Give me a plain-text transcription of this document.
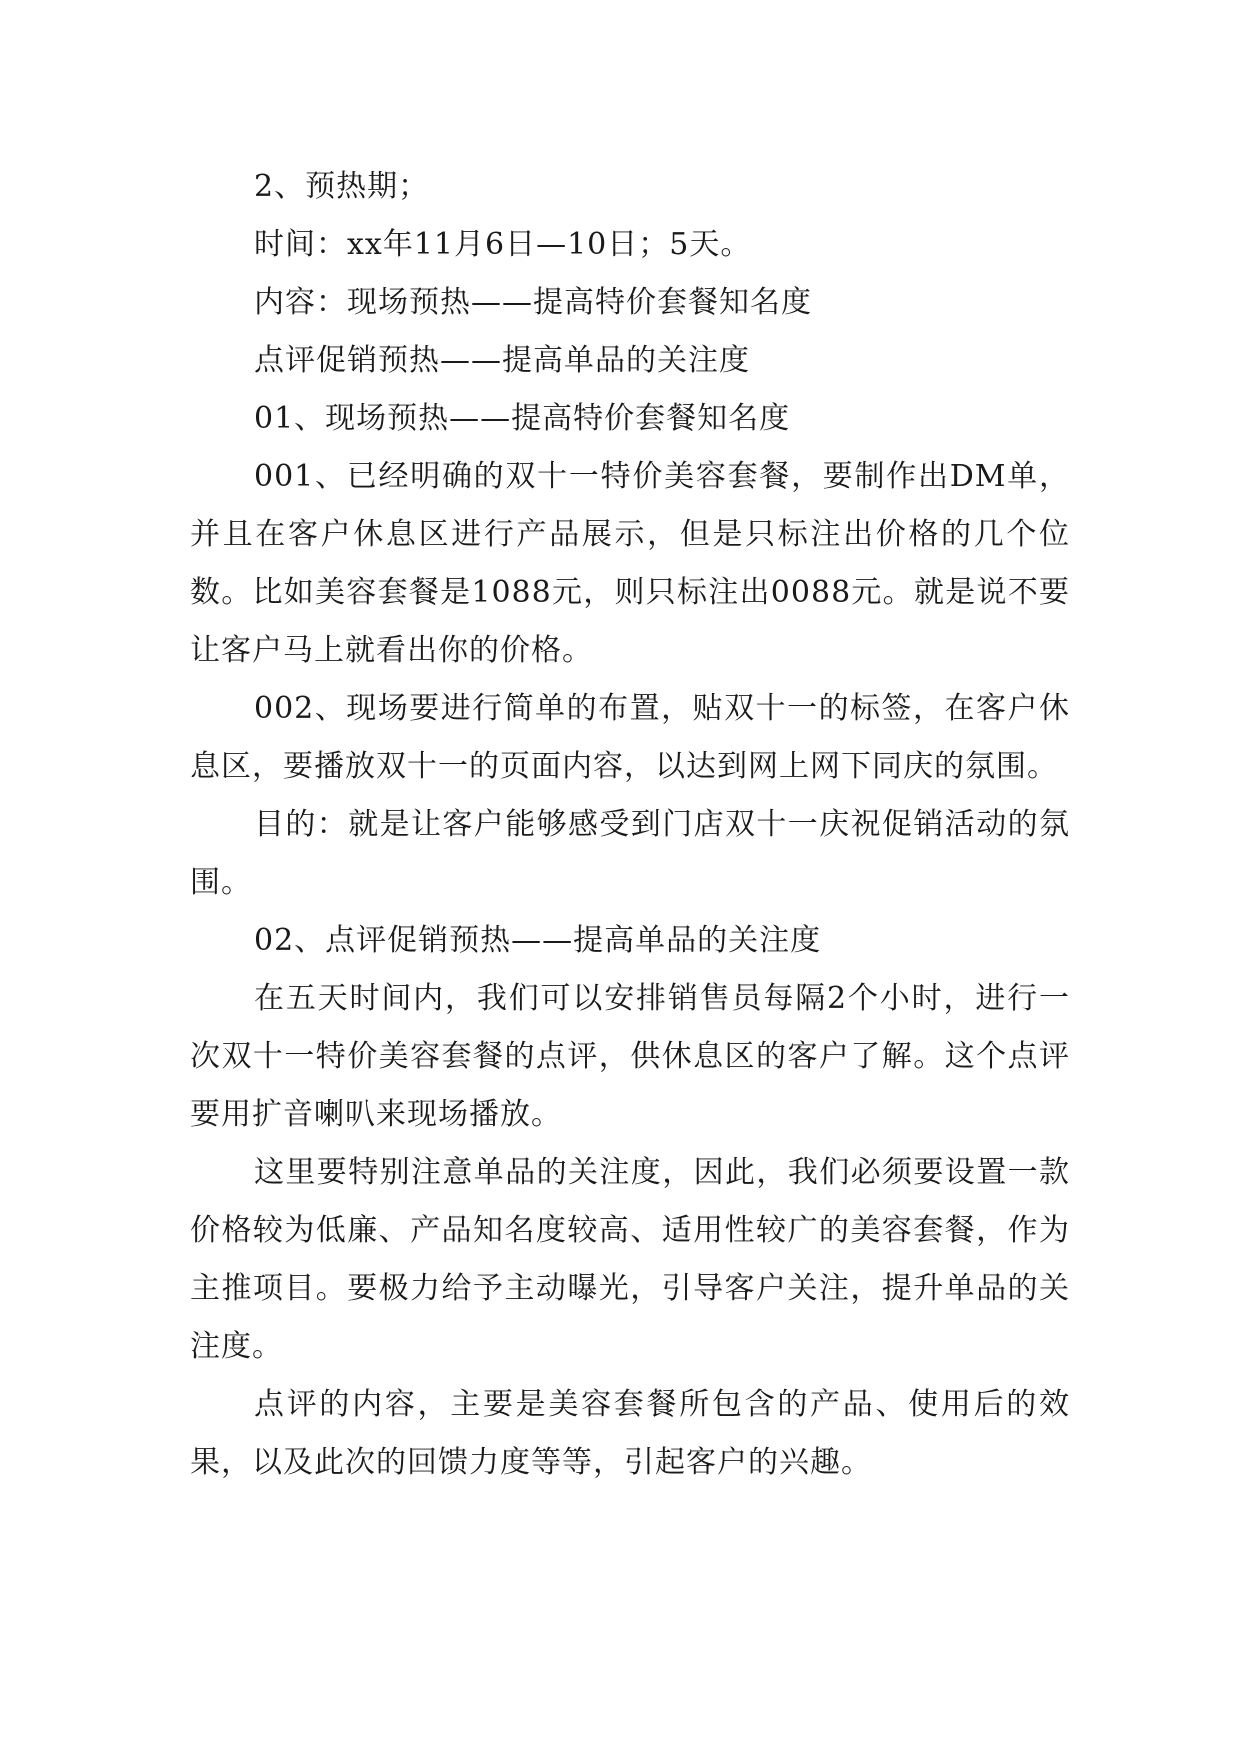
2、预热期；

时间：xx年11月6日—10日；5天。

内容：现场预热——提高特价套餐知名度

点评促销预热——提高单品的关注度

01、现场预热——提高特价套餐知名度

001、已经明确的双十一特价美容套餐，要制作出DM单，并且在客户休息区进行产品展示，但是只标注出价格的几个位数。比如美容套餐是1088元，则只标注出0088元。就是说不要让客户马上就看出你的价格。

002、现场要进行简单的布置，贴双十一的标签，在客户休息区，要播放双十一的页面内容，以达到网上网下同庆的氛围。

目的：就是让客户能够感受到门店双十一庆祝促销活动的氛围。

02、点评促销预热——提高单品的关注度

在五天时间内，我们可以安排销售员每隔2个小时，进行一次双十一特价美容套餐的点评，供休息区的客户了解。这个点评要用扩音喇叭来现场播放。

这里要特别注意单品的关注度，因此，我们必须要设置一款价格较为低廉、产品知名度较高、适用性较广的美容套餐，作为主推项目。要极力给予主动曝光，引导客户关注，提升单品的关注度。

点评的内容，主要是美容套餐所包含的产品、使用后的效果，以及此次的回馈力度等等，引起客户的兴趣。
